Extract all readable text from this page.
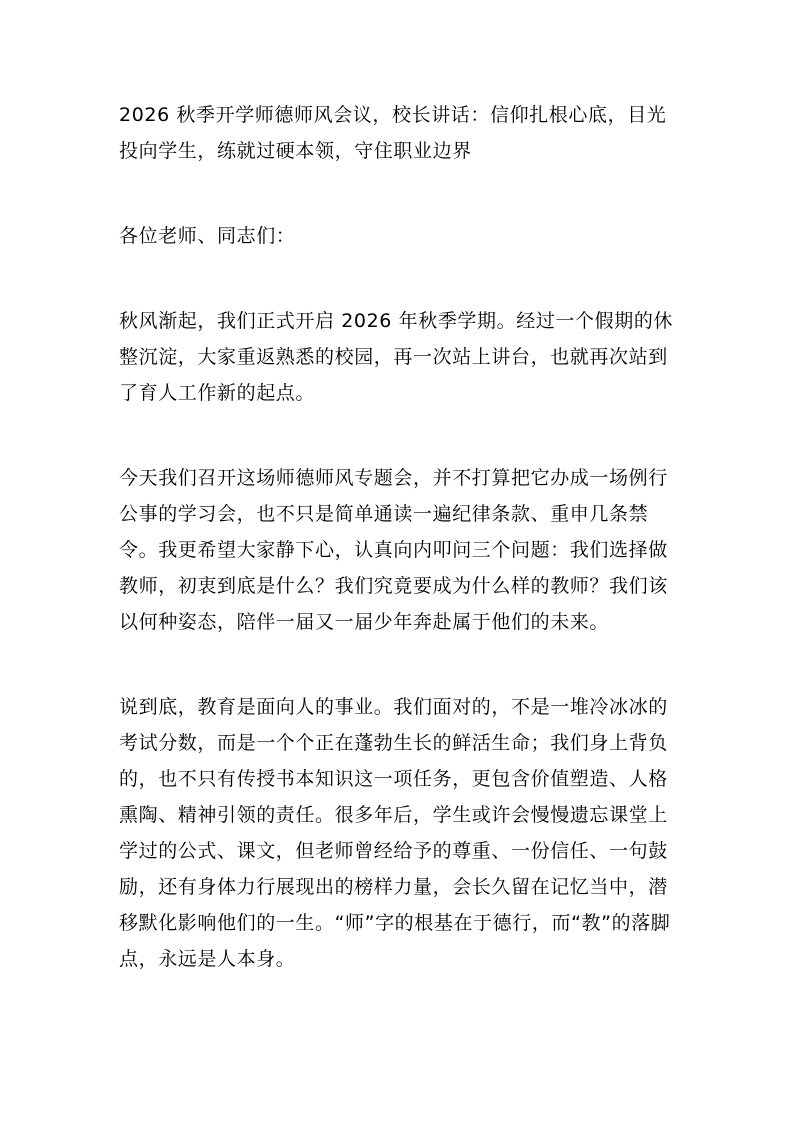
2026 秋季开学师德师风会议，校长讲话：信仰扎根心底，目光投向学生，练就过硬本领，守住职业边界

各位老师、同志们：

秋风渐起，我们正式开启 2026 年秋季学期。经过一个假期的休整沉淀，大家重返熟悉的校园，再一次站上讲台，也就再次站到了育人工作新的起点。

今天我们召开这场师德师风专题会，并不打算把它办成一场例行公事的学习会，也不只是简单通读一遍纪律条款、重申几条禁令。我更希望大家静下心，认真向内叩问三个问题：我们选择做教师，初衷到底是什么？我们究竟要成为什么样的教师？我们该以何种姿态，陪伴一届又一届少年奔赴属于他们的未来。

说到底，教育是面向人的事业。我们面对的，不是一堆冷冰冰的考试分数，而是一个个正在蓬勃生长的鲜活生命；我们身上背负的，也不只有传授书本知识这一项任务，更包含价值塑造、人格熏陶、精神引领的责任。很多年后，学生或许会慢慢遗忘课堂上学过的公式、课文，但老师曾经给予的尊重、一份信任、一句鼓励，还有身体力行展现出的榜样力量，会长久留在记忆当中，潜移默化影响他们的一生。“师”字的根基在于德行，而“教”的落脚点，永远是人本身。
